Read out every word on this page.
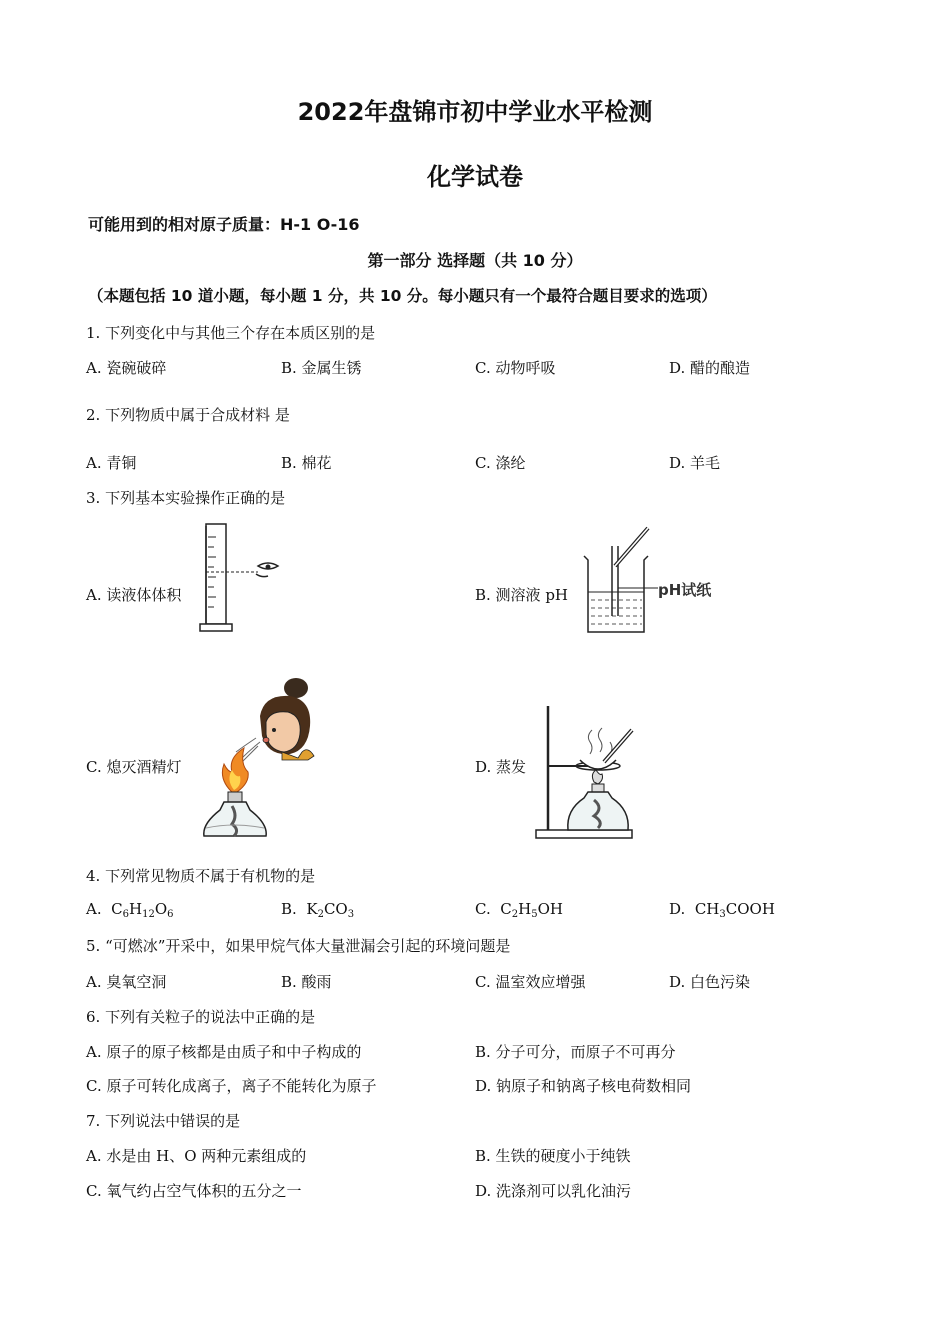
2022年盘锦市初中学业水平检测
化学试卷
可能用到的相对原子质量：H-1 O-16
第一部分 选择题（共 10 分）
（本题包括 10 道小题，每小题 1 分，共 10 分。每小题只有一个最符合题目要求的选项）
1. 下列变化中与其他三个存在本质区别的是
A. 瓷碗破碎	B. 金属生锈	C. 动物呼吸	D. 醋的酿造
2. 下列物质中属于合成材料 是
A. 青铜	B. 棉花	C. 涤纶	D. 羊毛
3. 下列基本实验操作正确的是
A. 读液体体积	B. 测溶液 pH
C. 熄灭酒精灯	D. 蒸发
pH试纸
4. 下列常见物质不属于有机物的是
A. $C_6H_{12}O_6$	B. $K_2CO_3$	C. $C_2H_5OH$	D. $CH_3COOH$
5. “可燃冰”开采中，如果甲烷气体大量泄漏会引起的环境问题是
A. 臭氧空洞	B. 酸雨	C. 温室效应增强	D. 白色污染
6. 下列有关粒子的说法中正确的是
A. 原子的原子核都是由质子和中子构成的	B. 分子可分，而原子不可再分
C. 原子可转化成离子，离子不能转化为原子	D. 钠原子和钠离子核电荷数相同
7. 下列说法中错误的是
A. 水是由 H、O 两种元素组成的	B. 生铁的硬度小于纯铁
C. 氧气约占空气体积的五分之一	D. 洗涤剂可以乳化油污
